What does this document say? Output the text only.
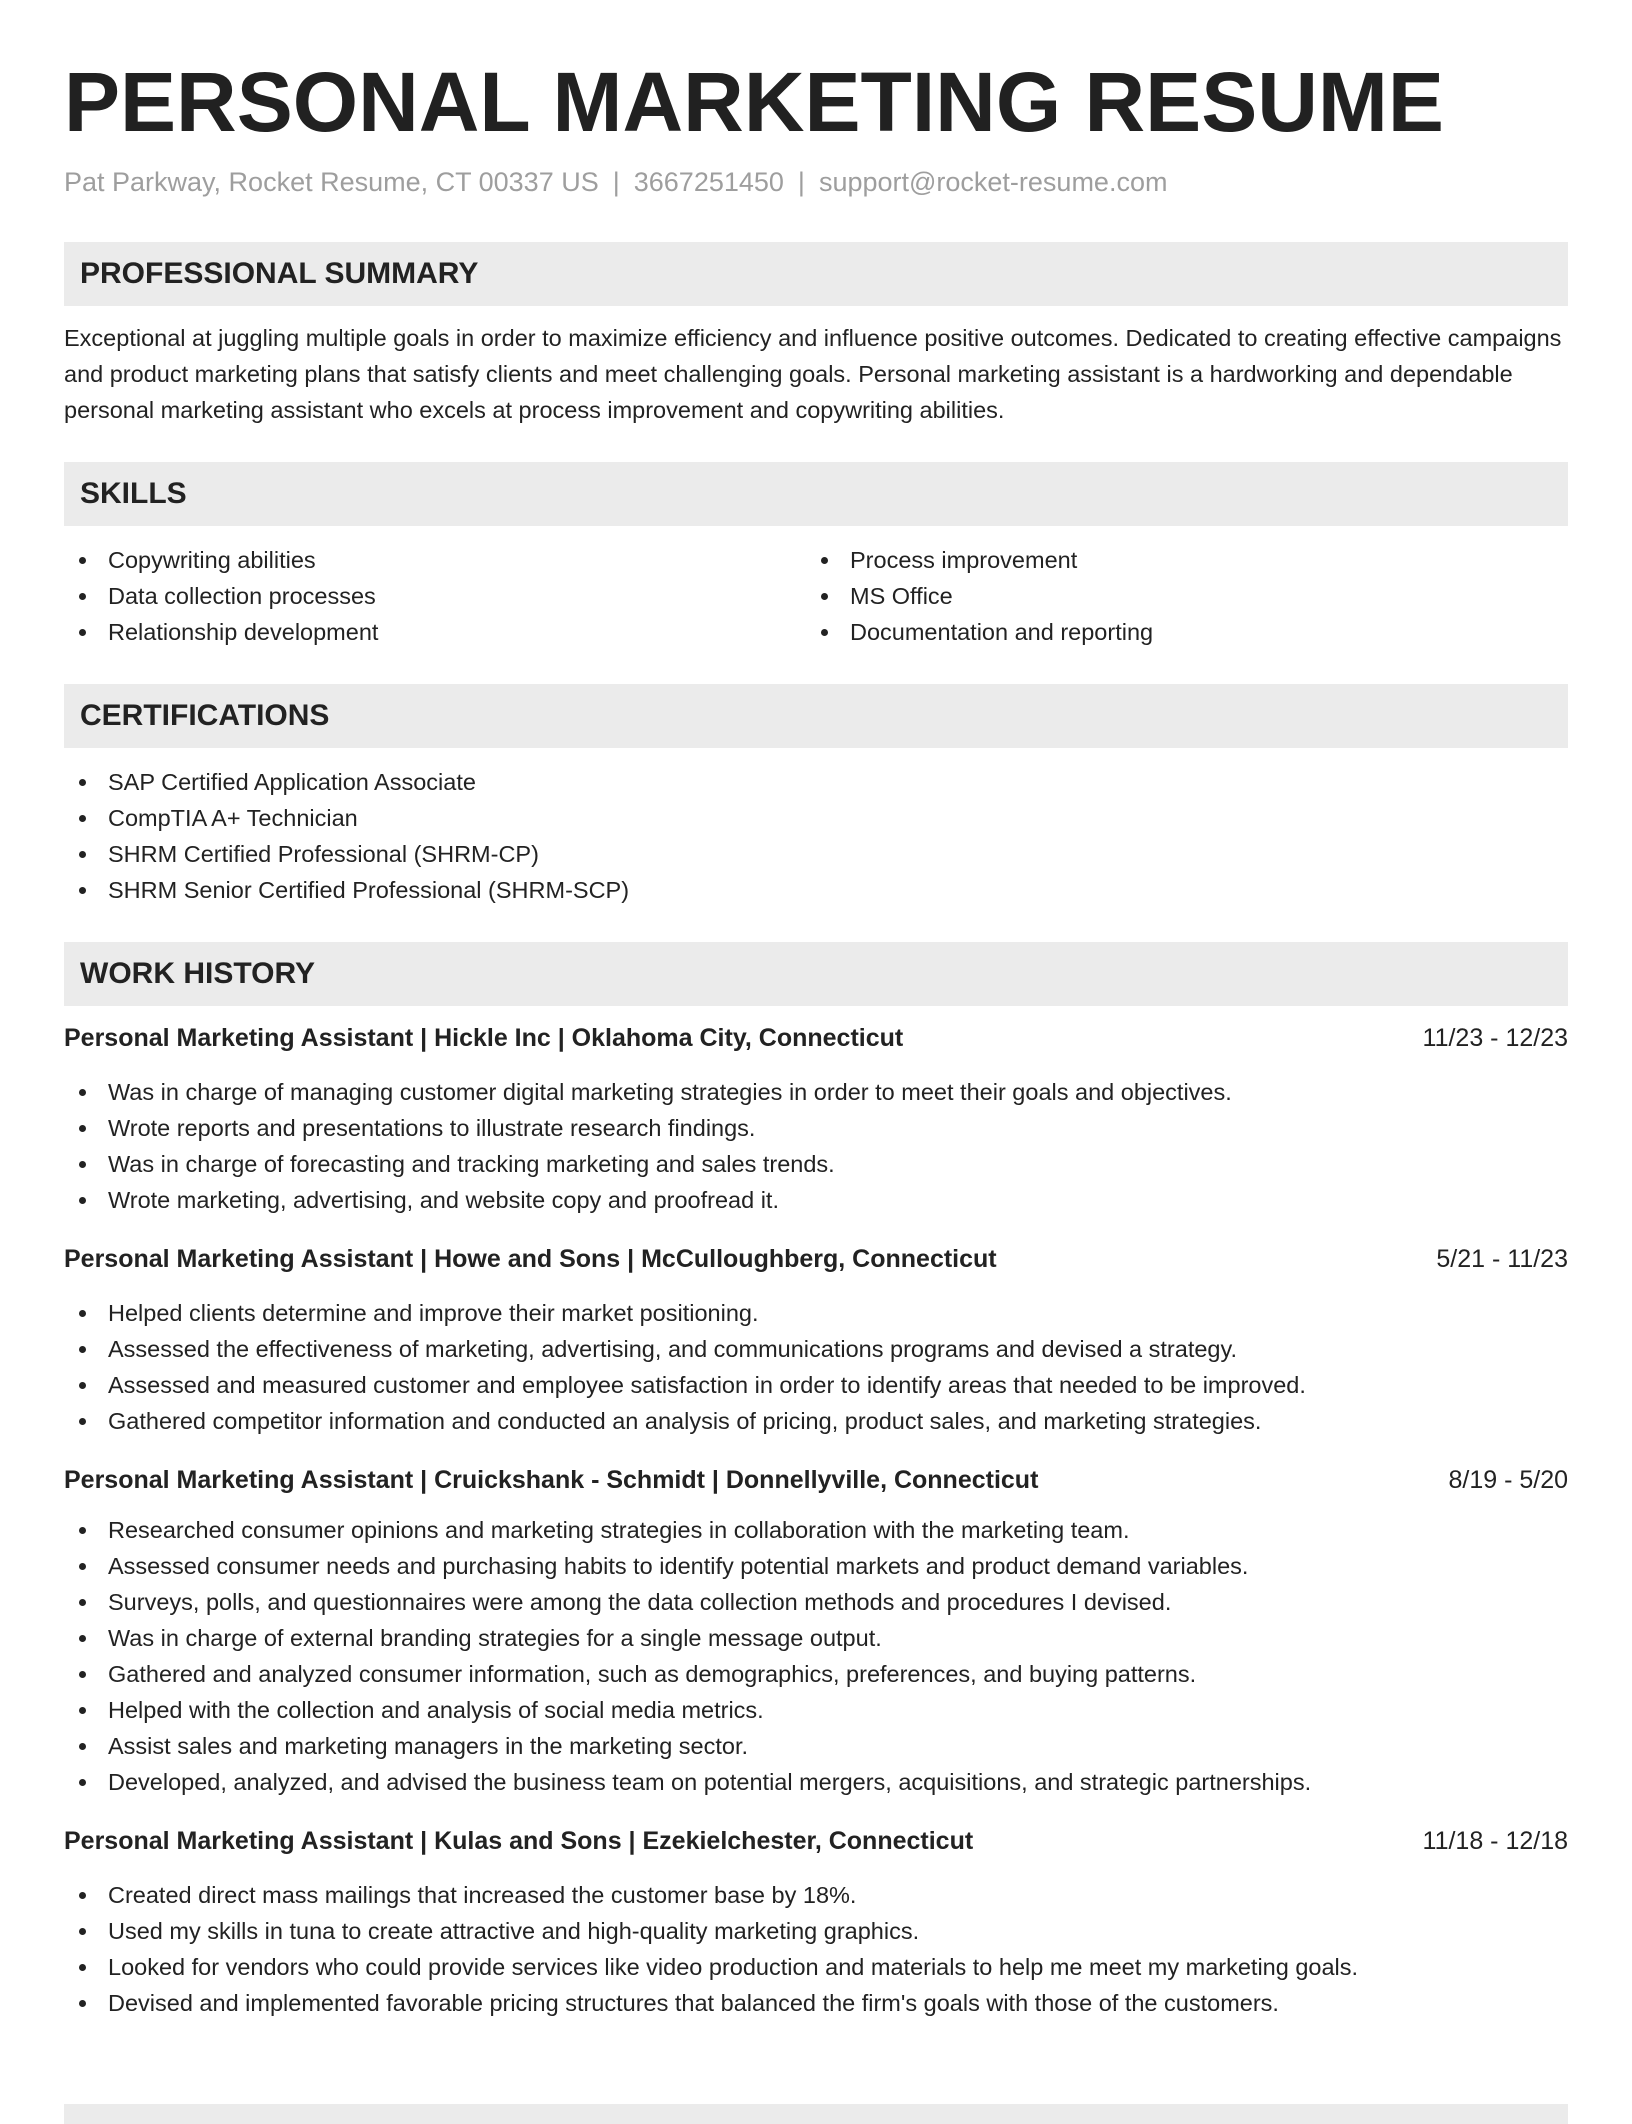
PERSONAL MARKETING RESUME
Pat Parkway, Rocket Resume, CT 00337 US | 3667251450 | support@rocket-resume.com
PROFESSIONAL SUMMARY

Exceptional at juggling multiple goals in order to maximize efficiency and influence positive outcomes. Dedicated to creating effective campaigns and product marketing plans that satisfy clients and meet challenging goals. Personal marketing assistant is a hardworking and dependable personal marketing assistant who excels at process improvement and copywriting abilities.

SKILLS
Copywriting abilities
Data collection processes
Relationship development
Process improvement
MS Office
Documentation and reporting
CERTIFICATIONS
SAP Certified Application Associate
CompTIA A+ Technician
SHRM Certified Professional (SHRM-CP)
SHRM Senior Certified Professional (SHRM-SCP)
WORK HISTORY
Personal Marketing Assistant | Hickle Inc | Oklahoma City, Connecticut	11/23 - 12/23
Was in charge of managing customer digital marketing strategies in order to meet their goals and objectives.
Wrote reports and presentations to illustrate research findings.
Was in charge of forecasting and tracking marketing and sales trends.
Wrote marketing, advertising, and website copy and proofread it.
Personal Marketing Assistant | Howe and Sons | McCulloughberg, Connecticut	5/21 - 11/23
Helped clients determine and improve their market positioning.
Assessed the effectiveness of marketing, advertising, and communications programs and devised a strategy.
Assessed and measured customer and employee satisfaction in order to identify areas that needed to be improved.
Gathered competitor information and conducted an analysis of pricing, product sales, and marketing strategies.
Personal Marketing Assistant | Cruickshank - Schmidt | Donnellyville, Connecticut	8/19 - 5/20
Researched consumer opinions and marketing strategies in collaboration with the marketing team.
Assessed consumer needs and purchasing habits to identify potential markets and product demand variables.
Surveys, polls, and questionnaires were among the data collection methods and procedures I devised.
Was in charge of external branding strategies for a single message output.
Gathered and analyzed consumer information, such as demographics, preferences, and buying patterns.
Helped with the collection and analysis of social media metrics.
Assist sales and marketing managers in the marketing sector.
Developed, analyzed, and advised the business team on potential mergers, acquisitions, and strategic partnerships.
Personal Marketing Assistant | Kulas and Sons | Ezekielchester, Connecticut	11/18 - 12/18
Created direct mass mailings that increased the customer base by 18%.
Used my skills in tuna to create attractive and high-quality marketing graphics.
Looked for vendors who could provide services like video production and materials to help me meet my marketing goals.
Devised and implemented favorable pricing structures that balanced the firm's goals with those of the customers.
